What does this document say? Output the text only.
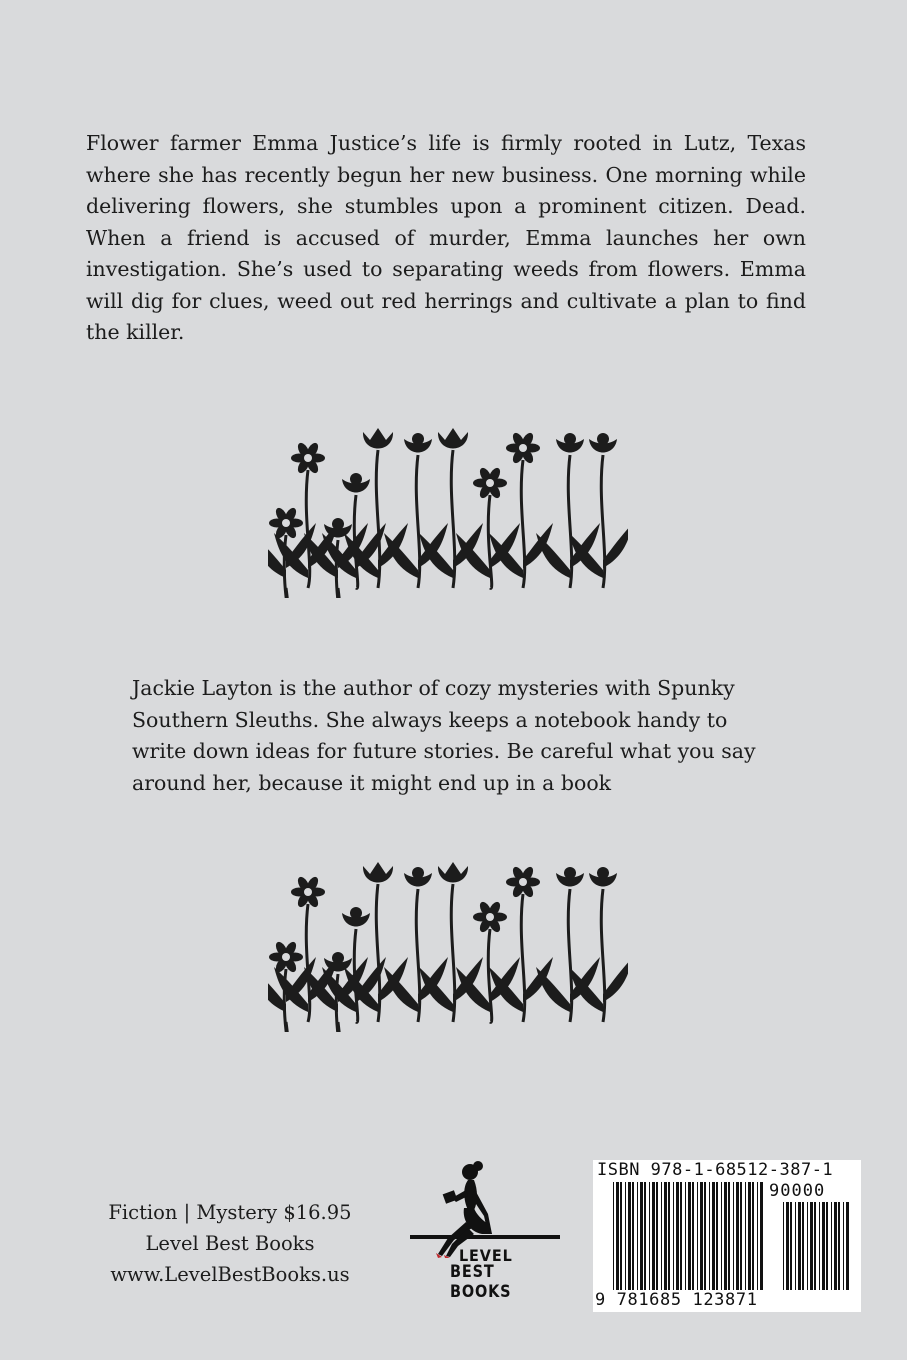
Flower farmer Emma Justice’s life is firmly rooted in Lutz, Texas where she has recently begun her new business. One morning while delivering flowers, she stumbles upon a prominent citizen. Dead. When a friend is accused of murder, Emma launches her own investigation. She’s used to separating weeds from flowers. Emma will dig for clues, weed out red herrings and cultivate a plan to find the killer.

Jackie Layton is the author of cozy mysteries with Spunky Southern Sleuths. She always keeps a notebook handy to write down ideas for future stories. Be careful what you say around her, because it might end up in a book

Fiction | Mystery $16.95
Level Best Books
www.LevelBestBooks.us
LEVEL
BEST BOOKS
ISBN 978-1-68512-387-1
90000
9 781685 123871
